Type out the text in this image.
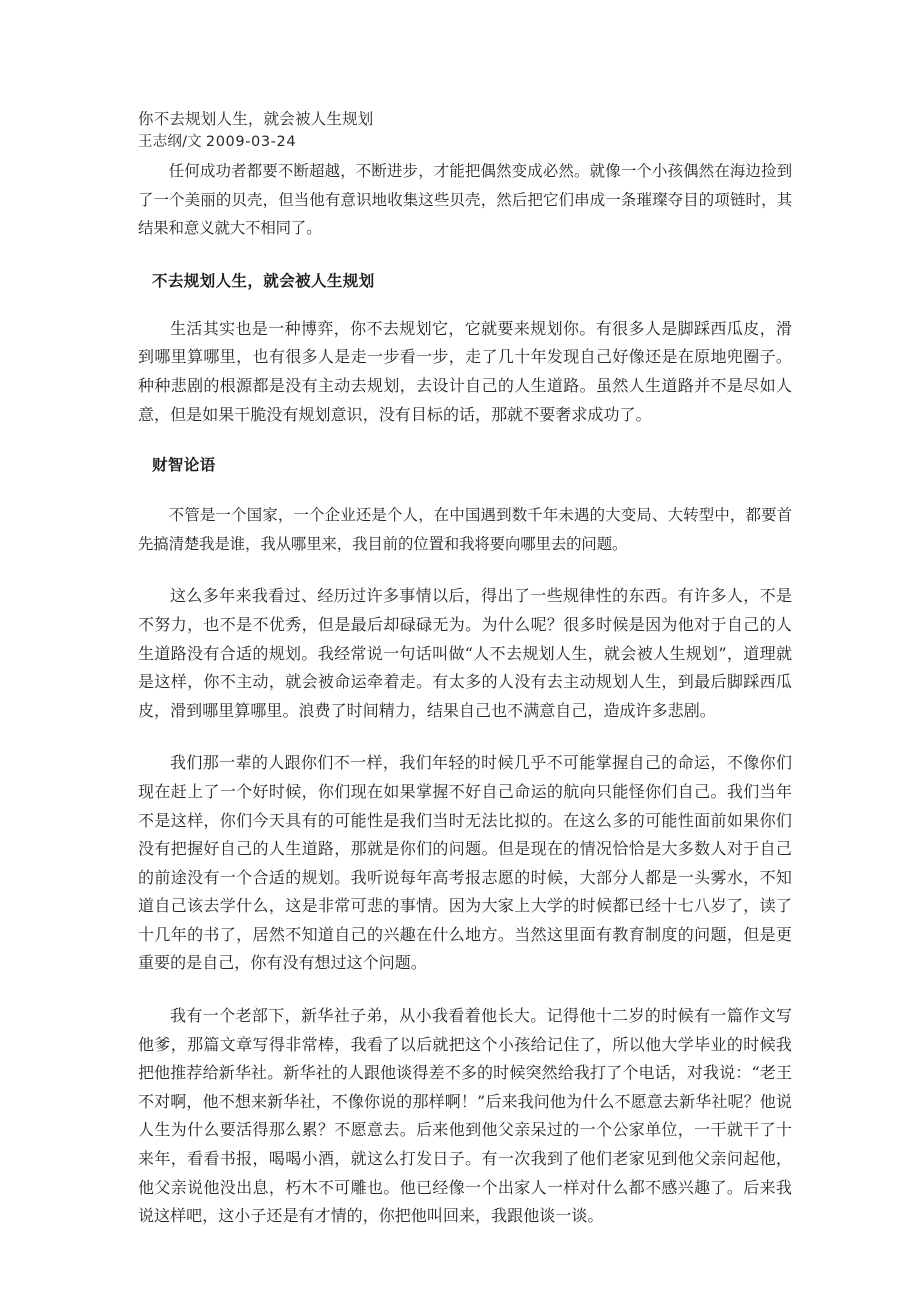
你不去规划人生，就会被人生规划
王志纲/文 2009-03-24

任何成功者都要不断超越，不断进步，才能把偶然变成必然。就像一个小孩偶然在海边捡到了一个美丽的贝壳，但当他有意识地收集这些贝壳，然后把它们串成一条璀璨夺目的项链时，其结果和意义就大不相同了。

不去规划人生，就会被人生规划

生活其实也是一种博弈，你不去规划它，它就要来规划你。有很多人是脚踩西瓜皮，滑到哪里算哪里，也有很多人是走一步看一步，走了几十年发现自己好像还是在原地兜圈子。种种悲剧的根源都是没有主动去规划，去设计自己的人生道路。虽然人生道路并不是尽如人意，但是如果干脆没有规划意识，没有目标的话，那就不要奢求成功了。

财智论语

不管是一个国家，一个企业还是个人，在中国遇到数千年未遇的大变局、大转型中，都要首先搞清楚我是谁，我从哪里来，我目前的位置和我将要向哪里去的问题。

这么多年来我看过、经历过许多事情以后，得出了一些规律性的东西。有许多人，不是不努力，也不是不优秀，但是最后却碌碌无为。为什么呢？很多时候是因为他对于自己的人生道路没有合适的规划。我经常说一句话叫做“人不去规划人生，就会被人生规划”，道理就是这样，你不主动，就会被命运牵着走。有太多的人没有去主动规划人生，到最后脚踩西瓜皮，滑到哪里算哪里。浪费了时间精力，结果自己也不满意自己，造成许多悲剧。

我们那一辈的人跟你们不一样，我们年轻的时候几乎不可能掌握自己的命运，不像你们现在赶上了一个好时候，你们现在如果掌握不好自己命运的航向只能怪你们自己。我们当年不是这样，你们今天具有的可能性是我们当时无法比拟的。在这么多的可能性面前如果你们没有把握好自己的人生道路，那就是你们的问题。但是现在的情况恰恰是大多数人对于自己的前途没有一个合适的规划。我听说每年高考报志愿的时候，大部分人都是一头雾水，不知道自己该去学什么，这是非常可悲的事情。因为大家上大学的时候都已经十七八岁了，读了十几年的书了，居然不知道自己的兴趣在什么地方。当然这里面有教育制度的问题，但是更重要的是自己，你有没有想过这个问题。

我有一个老部下，新华社子弟，从小我看着他长大。记得他十二岁的时候有一篇作文写他爹，那篇文章写得非常棒，我看了以后就把这个小孩给记住了，所以他大学毕业的时候我把他推荐给新华社。新华社的人跟他谈得差不多的时候突然给我打了个电话，对我说：“老王不对啊，他不想来新华社，不像你说的那样啊！”后来我问他为什么不愿意去新华社呢？他说人生为什么要活得那么累？不愿意去。后来他到他父亲呆过的一个公家单位，一干就干了十来年，看看书报，喝喝小酒，就这么打发日子。有一次我到了他们老家见到他父亲问起他，他父亲说他没出息，朽木不可雕也。他已经像一个出家人一样对什么都不感兴趣了。后来我说这样吧，这小子还是有才情的，你把他叫回来，我跟他谈一谈。
